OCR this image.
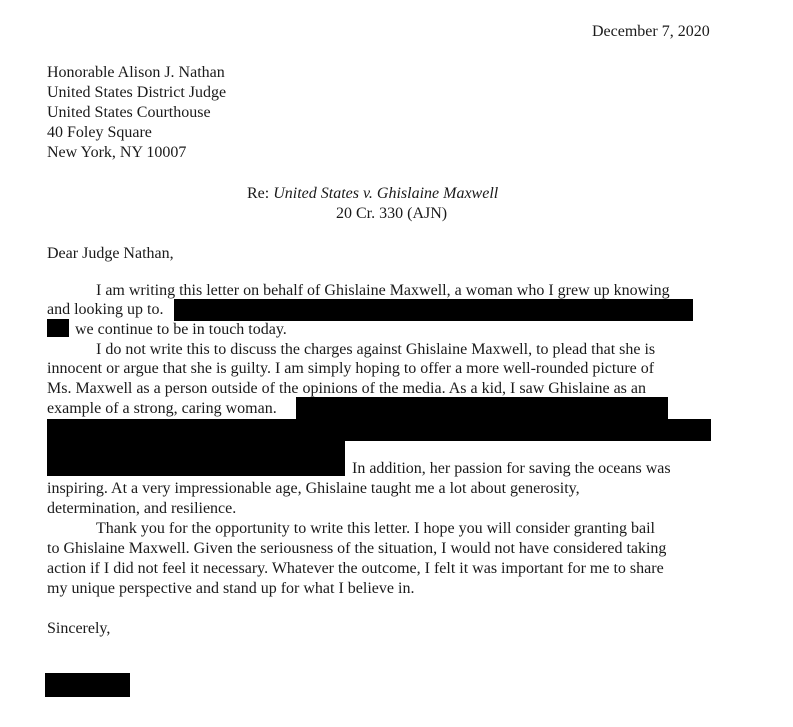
December 7, 2020
Honorable Alison J. Nathan
United States District Judge
United States Courthouse
40 Foley Square
New York, NY 10007
Re: United States v. Ghislaine Maxwell
20 Cr. 330 (AJN)
Dear Judge Nathan,
I am writing this letter on behalf of Ghislaine Maxwell, a woman who I grew up knowing
and looking up to.
we continue to be in touch today.
I do not write this to discuss the charges against Ghislaine Maxwell, to plead that she is
innocent or argue that she is guilty. I am simply hoping to offer a more well-rounded picture of
Ms. Maxwell as a person outside of the opinions of the media. As a kid, I saw Ghislaine as an
example of a strong, caring woman.
In addition, her passion for saving the oceans was
inspiring. At a very impressionable age, Ghislaine taught me a lot about generosity,
determination, and resilience.
Thank you for the opportunity to write this letter. I hope you will consider granting bail
to Ghislaine Maxwell. Given the seriousness of the situation, I would not have considered taking
action if I did not feel it necessary. Whatever the outcome, I felt it was important for me to share
my unique perspective and stand up for what I believe in.
Sincerely,
